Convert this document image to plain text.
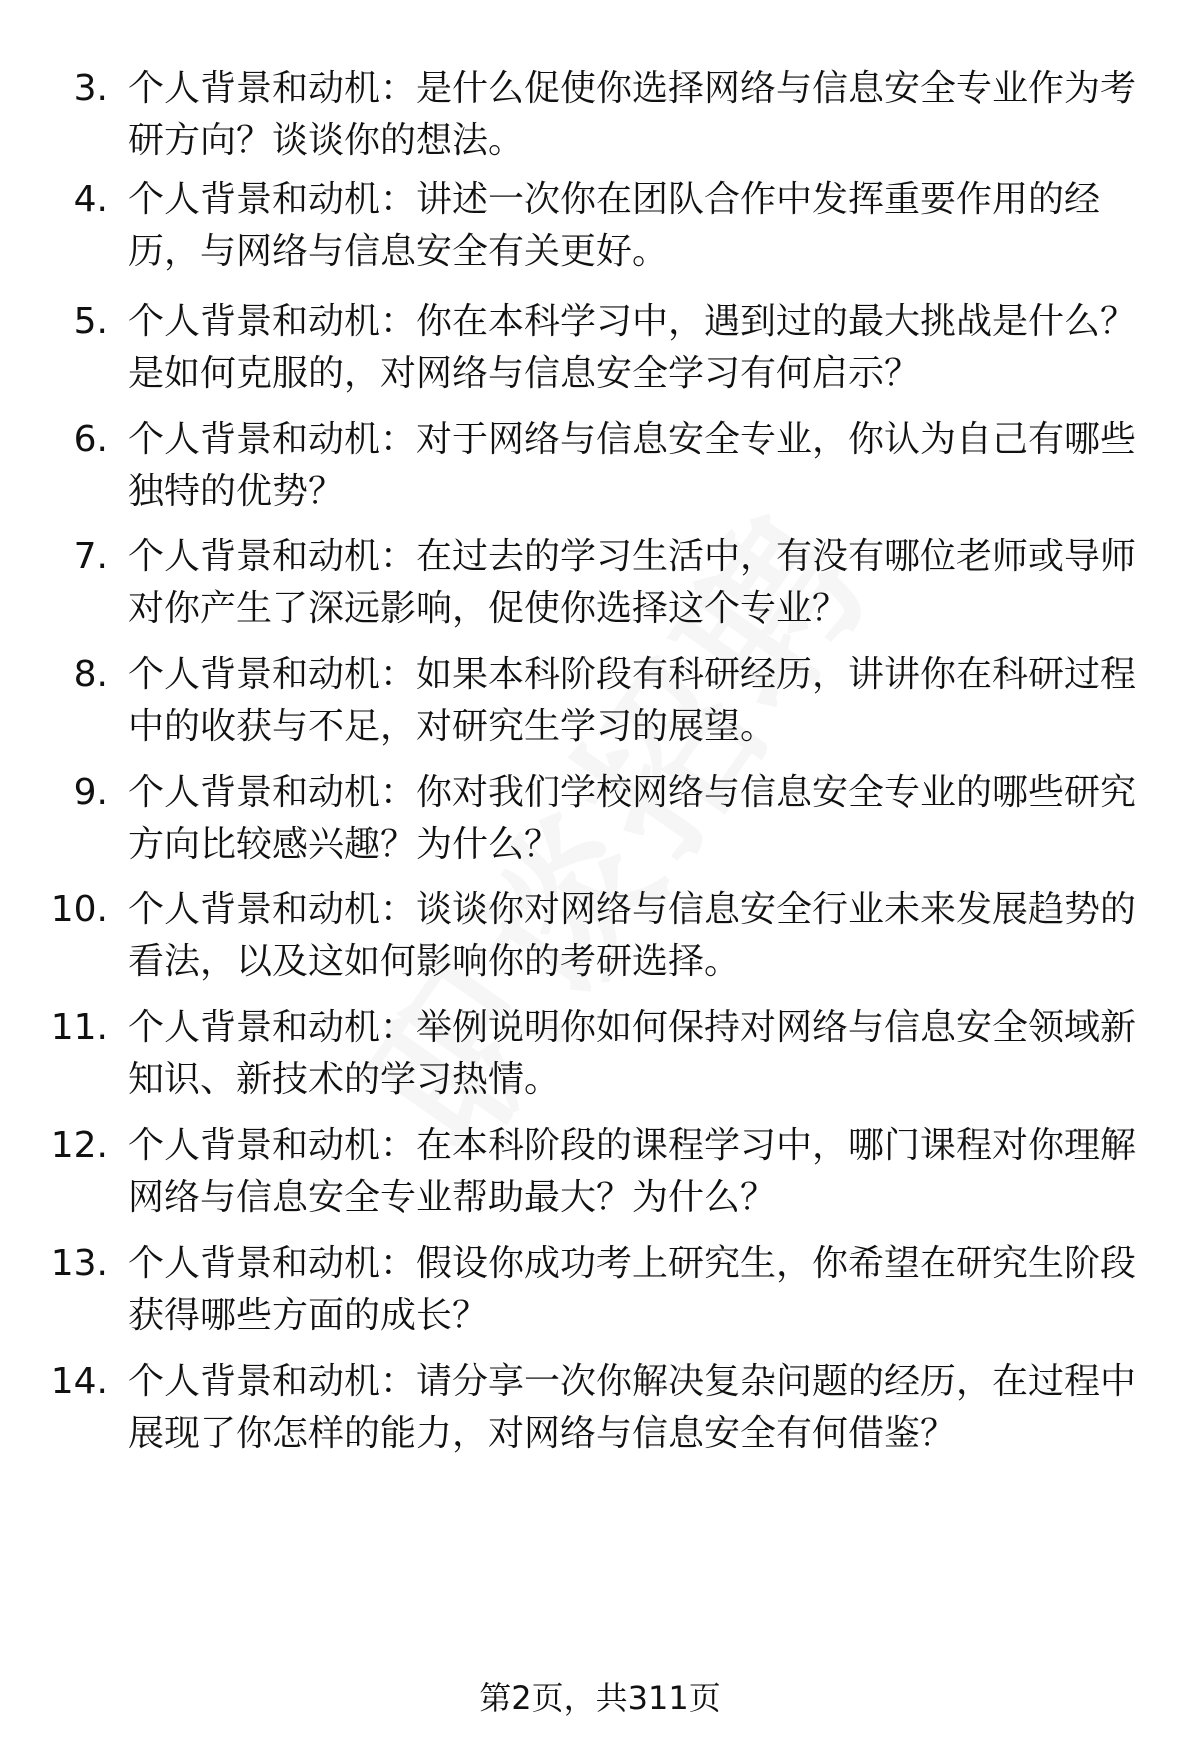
3. 个人背景和动机：是什么促使你选择网络与信息安全专业作为考研方向？谈谈你的想法。
4. 个人背景和动机：讲述一次你在团队合作中发挥重要作用的经历，与网络与信息安全有关更好。
5. 个人背景和动机：你在本科学习中，遇到过的最大挑战是什么？是如何克服的，对网络与信息安全学习有何启示？
6. 个人背景和动机：对于网络与信息安全专业，你认为自己有哪些独特的优势？
7. 个人背景和动机：在过去的学习生活中，有没有哪位老师或导师对你产生了深远影响，促使你选择这个专业？
8. 个人背景和动机：如果本科阶段有科研经历，讲讲你在科研过程中的收获与不足，对研究生学习的展望。
9. 个人背景和动机：你对我们学校网络与信息安全专业的哪些研究方向比较感兴趣？为什么？
10. 个人背景和动机：谈谈你对网络与信息安全行业未来发展趋势的看法，以及这如何影响你的考研选择。
11. 个人背景和动机：举例说明你如何保持对网络与信息安全领域新知识、新技术的学习热情。
12. 个人背景和动机：在本科阶段的课程学习中，哪门课程对你理解网络与信息安全专业帮助最大？为什么？
13. 个人背景和动机：假设你成功考上研究生，你希望在研究生阶段获得哪些方面的成长？
14. 个人背景和动机：请分享一次你解决复杂问题的经历，在过程中展现了你怎样的能力，对网络与信息安全有何借鉴？
第2页，共311页
